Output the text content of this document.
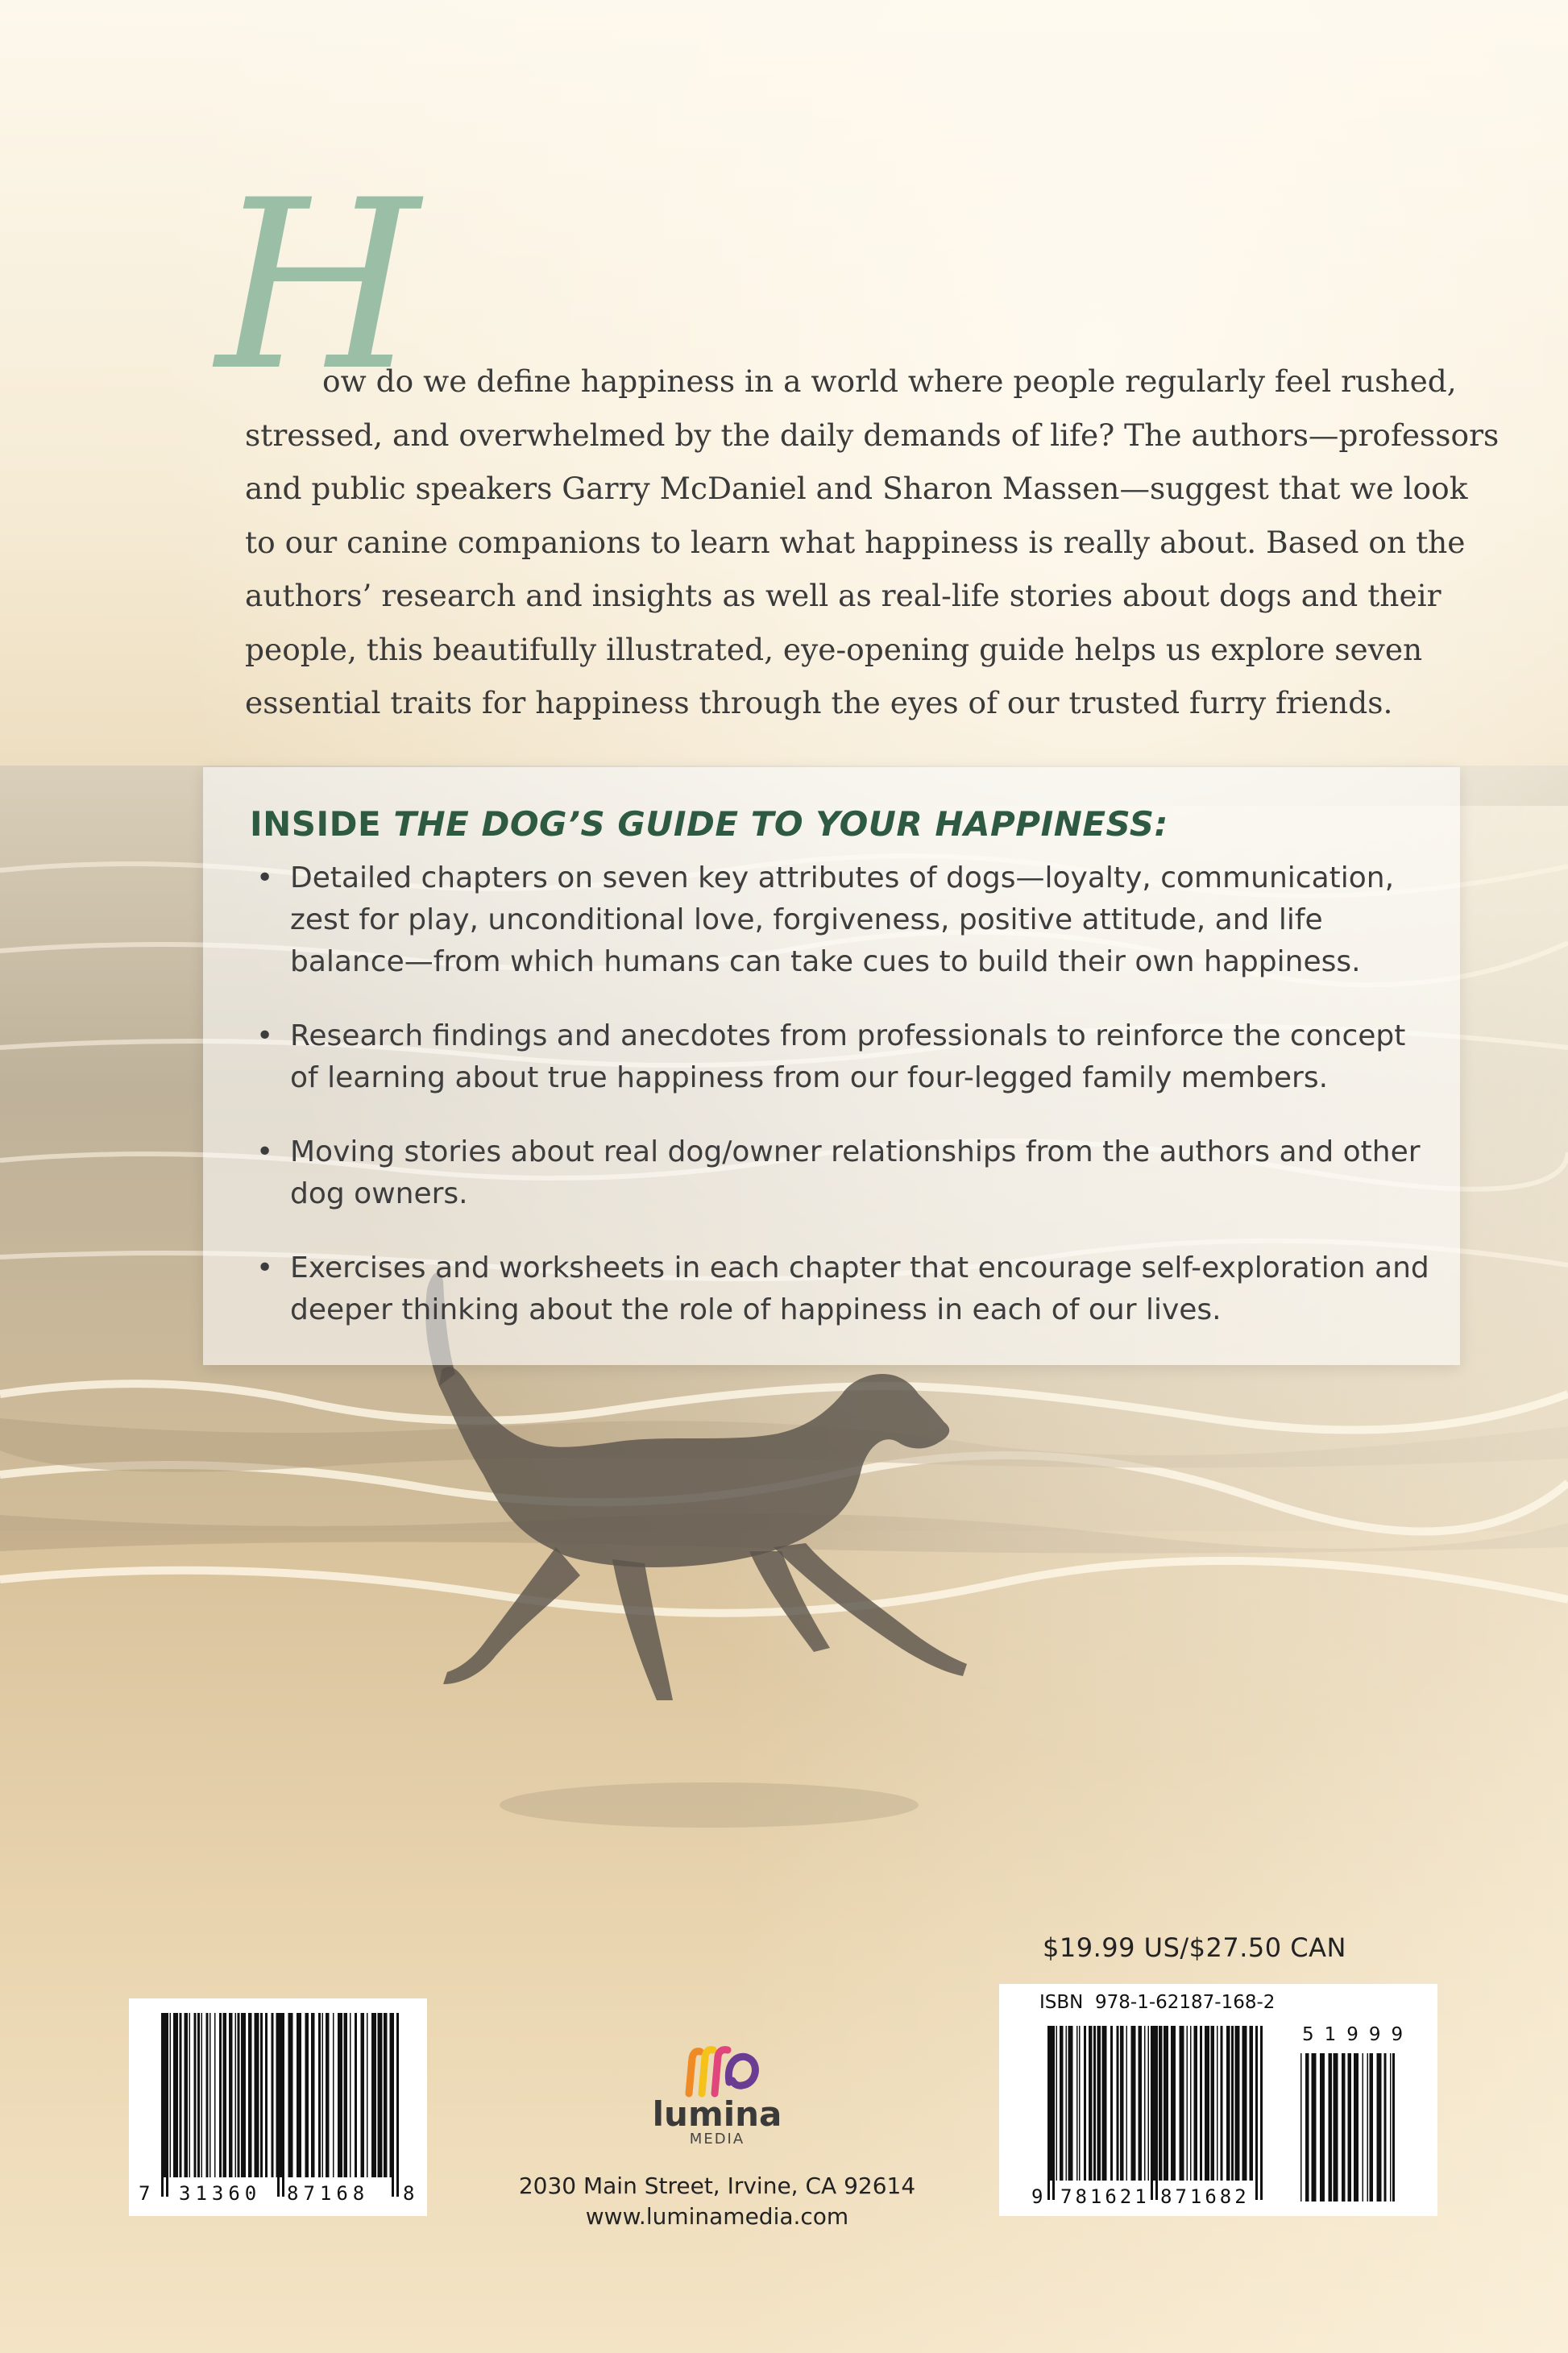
H

ow do we define happiness in a world where people regularly feel rushed,
stressed, and overwhelmed by the daily demands of life? The authors—professors
and public speakers Garry McDaniel and Sharon Massen—suggest that we look
to our canine companions to learn what happiness is really about. Based on the
authors’ research and insights as well as real-life stories about dogs and their
people, this beautifully illustrated, eye-opening guide helps us explore seven
essential traits for happiness through the eyes of our trusted furry friends.

INSIDE THE DOG’S GUIDE TO YOUR HAPPINESS:
• Detailed chapters on seven key attributes of dogs—loyalty, communication, zest for play, unconditional love, forgiveness, positive attitude, and life balance—from which humans can take cues to build their own happiness.
• Research findings and anecdotes from professionals to reinforce the concept of learning about true happiness from our four-legged family members.
• Moving stories about real dog/owner relationships from the authors and other dog owners.
• Exercises and worksheets in each chapter that encourage self-exploration and deeper thinking about the role of happiness in each of our lives.
$19.99 US/$27.50 CAN
7 31360 87168 8
lumina
MEDIA
2030 Main Street, Irvine, CA 92614
www.luminamedia.com
ISBN  978-1-62187-168-2
51999
9 781621 871682
